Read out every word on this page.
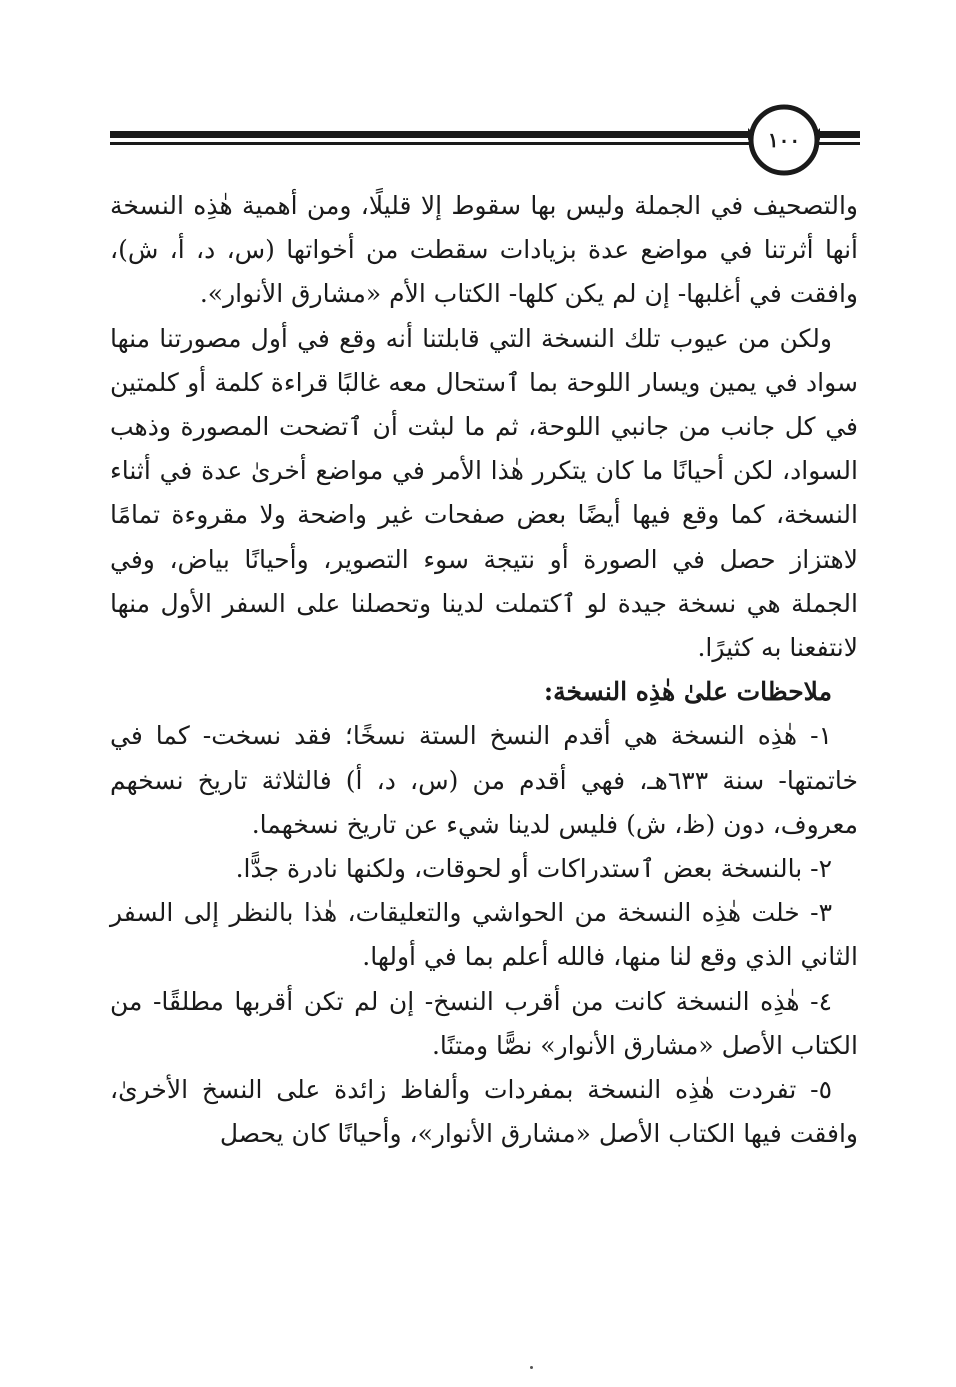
١٠٠

والتصحيف في الجملة وليس بها سقوط إلا قليلًا، ومن أهمية هٰذِه النسخة أنها أثرتنا في مواضع عدة بزيادات سقطت من أخواتها (س، د، أ، ش)، وافقت في أغلبها- إن لم يكن كلها- الكتاب الأم «مشارق الأنوار».

ولكن من عيوب تلك النسخة التي قابلتنا أنه وقع في أول مصورتنا منها سواد في يمين ويسار اللوحة بما ٱستحال معه غالبًا قراءة كلمة أو كلمتين في كل جانب من جانبي اللوحة، ثم ما لبثت أن ٱتضحت المصورة وذهب السواد، لكن أحيانًا ما كان يتكرر هٰذا الأمر في مواضع أخرىٰ عدة في أثناء النسخة، كما وقع فيها أيضًا بعض صفحات غير واضحة ولا مقروءة تمامًا لاهتزاز حصل في الصورة أو نتيجة سوء التصوير، وأحيانًا بياض، وفي الجملة هي نسخة جيدة لو ٱكتملت لدينا وتحصلنا على السفر الأول منها لانتفعنا به كثيرًا.

ملاحظات علىٰ هٰذِه النسخة:

١- هٰذِه النسخة هي أقدم النسخ الستة نسخًا؛ فقد نسخت- كما في خاتمتها- سنة ٦٣٣هـ، فهي أقدم من (س، د، أ) فالثلاثة تاريخ نسخهم معروف، دون (ظ، ش) فليس لدينا شيء عن تاريخ نسخهما.

٢- بالنسخة بعض ٱستدراكات أو لحوقات، ولكنها نادرة جدًّا.

٣- خلت هٰذِه النسخة من الحواشي والتعليقات، هٰذا بالنظر إلى السفر الثاني الذي وقع لنا منها، فالله أعلم بما في أولها.

٤- هٰذِه النسخة كانت من أقرب النسخ- إن لم تكن أقربها مطلقًا- من الكتاب الأصل «مشارق الأنوار» نصًّا ومتنًا.

٥- تفردت هٰذِه النسخة بمفردات وألفاظ زائدة على النسخ الأخرىٰ، وافقت فيها الكتاب الأصل «مشارق الأنوار»، وأحيانًا كان يحصل
